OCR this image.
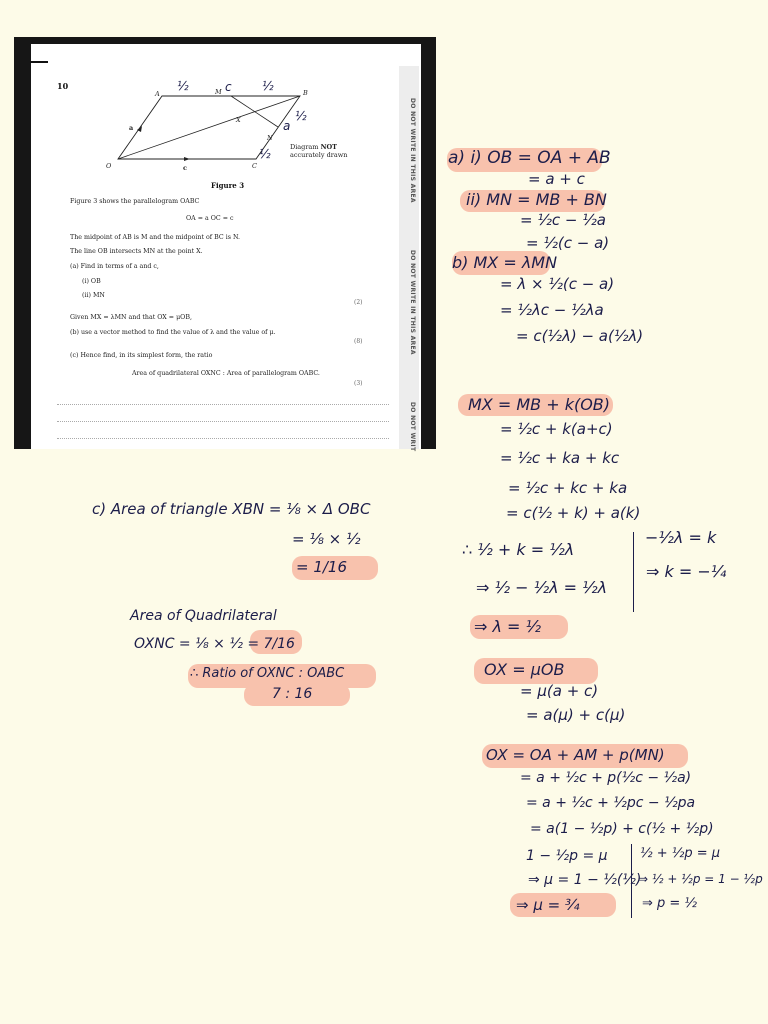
DO NOT WRITE IN THIS AREA
DO NOT WRITE IN THIS AREA
DO NOT WRIT
10
A	B
C
O
M
N
X
a
c
½	c	½
½
a
½	Diagram NOT
accurately drawn
Figure 3
Figure 3 shows the parallelogram OABC
OA = a OC = c
The midpoint of AB is M and the midpoint of BC is N.
The line OB intersects MN at the point X.
(a) Find in terms of a and c,
(i) OB
(ii) MN
(2)
Given MX = λMN and that OX = μOB,
(b) use a vector method to find the value of λ and the value of μ.
(8)
(c) Hence find, in its simplest form, the ratio
Area of quadrilateral OXNC : Area of parallelogram OABC.
(3)
a) i) OB = OA + AB
= a + c
ii) MN = MB + BN
= ½c − ½a
= ½(c − a)
b) MX = λMN
= λ × ½(c − a)
= ½λc − ½λa
= c(½λ) − a(½λ)
MX = MB + k(OB)
= ½c + k(a+c)
= ½c + ka + kc
= ½c + kc + ka
= c(½ + k) + a(k)
∴ ½ + k = ½λ
⇒ ½ − ½λ = ½λ
−½λ = k
⇒ k = −¼
⇒ λ = ½
OX = μOB
= μ(a + c)
= a(μ) + c(μ)
OX = OA + AM + p(MN)
= a + ½c + p(½c − ½a)
= a + ½c + ½pc − ½pa
= a(1 − ½p) + c(½ + ½p)
1 − ½p = μ
⇒ μ = 1 − ½(½)
⇒ μ = ¾
½ + ½p = μ
⇒ ½ + ½p = 1 − ½p
⇒ p = ½
c) Area of triangle XBN = ⅛ × Δ OBC
= ⅛ × ½
= 1/16
Area of Quadrilateral
OXNC = ⅛ × ½ = 7/16
∴ Ratio of OXNC : OABC
7 : 16
